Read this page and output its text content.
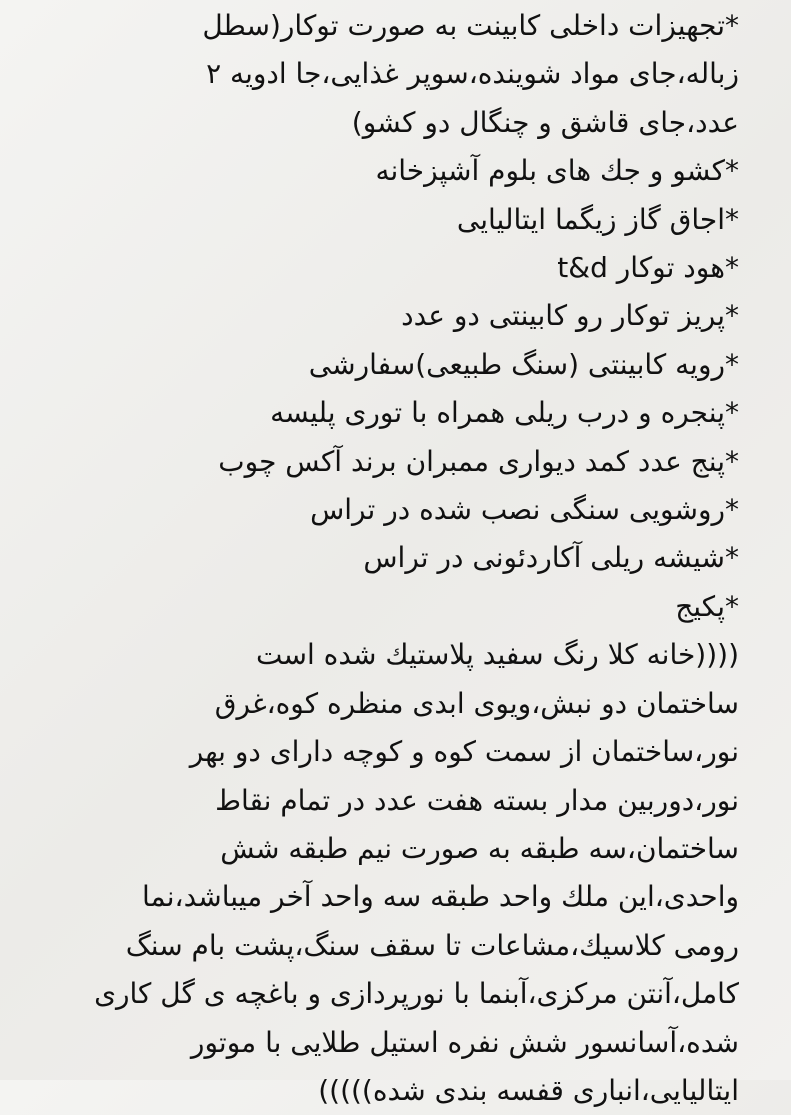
*تجهیزات داخلی کابینت به صورت توکار(سطل
زباله،جای مواد شوینده،سوپر غذایی،جا ادویه ۲
عدد،جای قاشق و چنگال دو کشو)
*کشو و جك های بلوم آشپزخانه
*اجاق گاز زیگما ایتالیایی
*هود توکار t&d
*پریز توکار رو کابینتی دو عدد
*رویه کابینتی (سنگ طبیعی)سفارشی
*پنجره و درب ریلی همراه با توری پلیسه
*پنج عدد کمد دیواری ممبران برند آکس چوب
*روشویی سنگی نصب شده در تراس
*شیشه ریلی آکاردئونی در تراس
*پکیج
((((خانه کلا رنگ سفید پلاستیك شده است
ساختمان دو نبش،ویوی ابدی منظره کوه،غرق
نور،ساختمان از سمت کوه و کوچه دارای دو بهر
نور،دوربین مدار بسته هفت عدد در تمام نقاط
ساختمان،سه طبقه به صورت نیم طبقه شش
واحدی،این ملك واحد طبقه سه واحد آخر میباشد،نما
رومی کلاسیك،مشاعات تا سقف سنگ،پشت بام سنگ
کامل،آنتن مرکزی،آبنما با نورپردازی و باغچه ی گل کاری
شده،آسانسور شش نفره استیل طلایی با موتور
ایتالیایی،انباری قفسه بندی شده)))))
